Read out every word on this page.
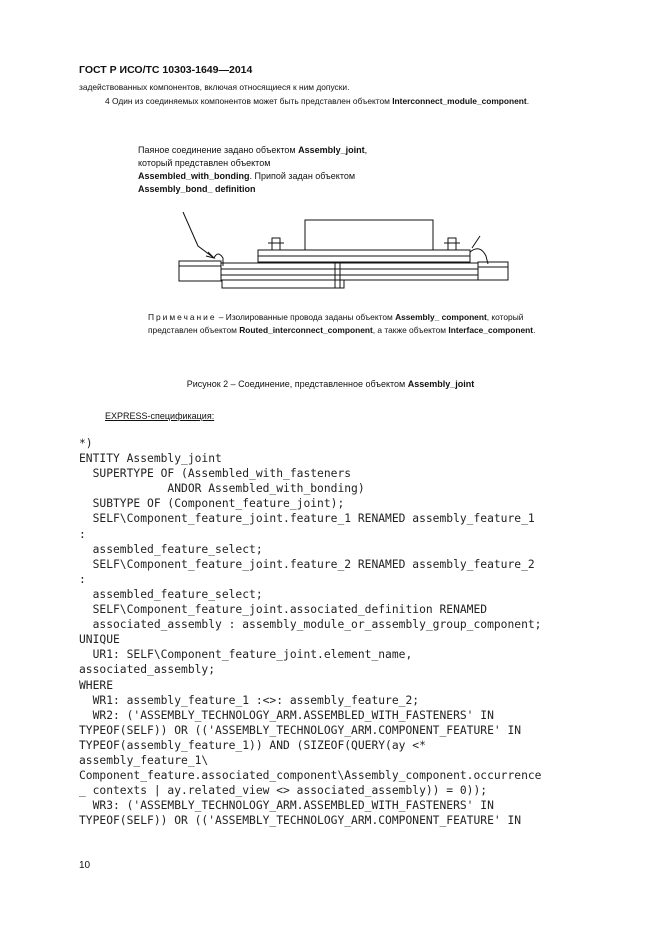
ГОСТ Р ИСО/ТС 10303-1649—2014
задействованных компонентов, включая относящиеся к ним допуски.
4 Один из соединяемых компонентов может быть представлен объектом Interconnect_module_component.
Паяное соединение задано объектом Assembly_joint, который представлен объектом Assembled_with_bonding. Припой задан объектом Assembly_bond_ definition
Примечание – Изолированные провода заданы объектом Assembly_ component, который представлен объектом Routed_interconnect_component, а также объектом Interface_component.
Рисунок 2 – Соединение, представленное объектом Assembly_joint
EXPRESS-спецификация:
*)
ENTITY Assembly_joint
SUPERTYPE OF (Assembled_with_fasteners
ANDOR Assembled_with_bonding)
SUBTYPE OF (Component_feature_joint);
SELF\Component_feature_joint.feature_1 RENAMED assembly_feature_1
:
assembled_feature_select;
SELF\Component_feature_joint.feature_2 RENAMED assembly_feature_2
:
assembled_feature_select;
SELF\Component_feature_joint.associated_definition RENAMED
associated_assembly : assembly_module_or_assembly_group_component;
UNIQUE
UR1: SELF\Component_feature_joint.element_name,
associated_assembly;
WHERE
WR1: assembly_feature_1 :<>: assembly_feature_2;
WR2: ('ASSEMBLY_TECHNOLOGY_ARM.ASSEMBLED_WITH_FASTENERS' IN
TYPEOF(SELF)) OR (('ASSEMBLY_TECHNOLOGY_ARM.COMPONENT_FEATURE' IN
TYPEOF(assembly_feature_1)) AND (SIZEOF(QUERY(ay <*
assembly_feature_1\
Component_feature.associated_component\Assembly_component.occurrence
_ contexts | ay.related_view <> associated_assembly)) = 0));
WR3: ('ASSEMBLY_TECHNOLOGY_ARM.ASSEMBLED_WITH_FASTENERS' IN
TYPEOF(SELF)) OR (('ASSEMBLY_TECHNOLOGY_ARM.COMPONENT_FEATURE' IN
10
